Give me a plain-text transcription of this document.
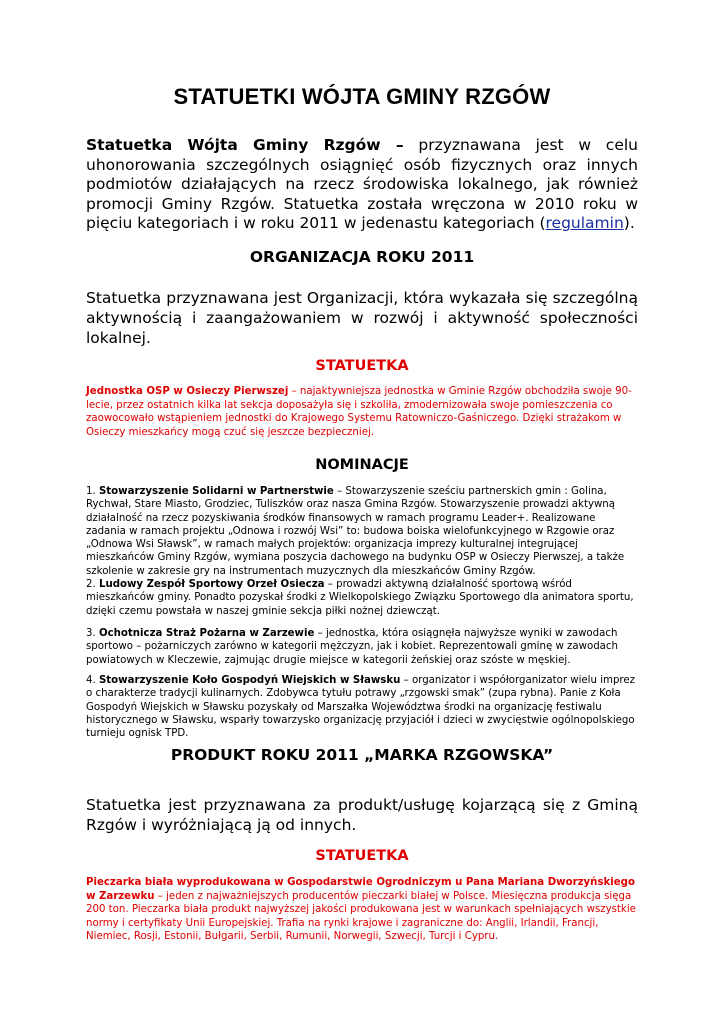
STATUETKI WÓJTA GMINY RZGÓW
Statuetka Wójta Gminy Rzgów – przyznawana jest w celu uhonorowania szczególnych osiągnięć osób fizycznych oraz innych podmiotów działających na rzecz środowiska lokalnego, jak również promocji Gminy Rzgów. Statuetka została wręczona w 2010 roku w pięciu kategoriach i w roku 2011 w jedenastu kategoriach (regulamin).
ORGANIZACJA ROKU 2011
Statuetka przyznawana jest Organizacji, która wykazała się szczególną aktywnością i zaangażowaniem w rozwój i aktywność społeczności lokalnej.
STATUETKA
Jednostka OSP w Osieczy Pierwszej – najaktywniejsza jednostka w Gminie Rzgów obchodziła swoje 90-lecie, przez ostatnich kilka lat sekcja doposażyła się i szkoliła, zmodernizowała swoje pomieszczenia co zaowocowało wstąpieniem jednostki do Krajowego Systemu Ratowniczo-Gaśniczego. Dzięki strażakom w Osieczy mieszkańcy mogą czuć się jeszcze bezpieczniej.
NOMINACJE
1. Stowarzyszenie Solidarni w Partnerstwie – Stowarzyszenie sześciu partnerskich gmin : Golina, Rychwał, Stare Miasto, Grodziec, Tuliszków oraz nasza Gmina Rzgów. Stowarzyszenie prowadzi aktywną działalność na rzecz pozyskiwania środków finansowych w ramach programu Leader+. Realizowane zadania w ramach projektu „Odnowa i rozwój Wsi” to: budowa boiska wielofunkcyjnego w Rzgowie oraz „Odnowa Wsi Sławsk”, w ramach małych projektów: organizacja imprezy kulturalnej integrującej mieszkańców Gminy Rzgów, wymiana poszycia dachowego na budynku OSP w Osieczy Pierwszej, a także szkolenie w zakresie gry na instrumentach muzycznych dla mieszkańców Gminy Rzgów.
2. Ludowy Zespół Sportowy Orzeł Osiecza – prowadzi aktywną działalność sportową wśród mieszkańców gminy. Ponadto pozyskał środki z Wielkopolskiego Związku Sportowego dla animatora sportu, dzięki czemu powstała w naszej gminie sekcja piłki nożnej dziewcząt.
3. Ochotnicza Straż Pożarna w Zarzewie – jednostka, która osiągnęła najwyższe wyniki w zawodach sportowo – pożarniczych zarówno w kategorii mężczyzn, jak i kobiet. Reprezentowali gminę w zawodach powiatowych w Kleczewie, zajmując drugie miejsce w kategorii żeńskiej oraz szóste w męskiej.
4. Stowarzyszenie Koło Gospodyń Wiejskich w Sławsku – organizator i współorganizator wielu imprez o charakterze tradycji kulinarnych. Zdobywca tytułu potrawy „rzgowski smak” (zupa rybna). Panie z Koła Gospodyń Wiejskich w Sławsku pozyskały od Marszałka Województwa środki na organizację festiwalu historycznego w Sławsku, wsparły towarzysko organizację przyjaciół i dzieci w zwycięstwie ogólnopolskiego turnieju ognisk TPD.
PRODUKT ROKU 2011 „MARKA RZGOWSKA”
Statuetka jest przyznawana za produkt/usługę kojarzącą się z Gminą Rzgów i wyróżniającą ją od innych.
STATUETKA
Pieczarka biała wyprodukowana w Gospodarstwie Ogrodniczym u Pana Mariana Dworzyńskiego w Zarzewku – jeden z najważniejszych producentów pieczarki białej w Polsce. Miesięczna produkcja sięga 200 ton. Pieczarka biała produkt najwyższej jakości produkowana jest w warunkach spełniających wszystkie normy i certyfikaty Unii Europejskiej. Trafia na rynki krajowe i zagraniczne do: Anglii, Irlandii, Francji, Niemiec, Rosji, Estonii, Bułgarii, Serbii, Rumunii, Norwegii, Szwecji, Turcji i Cypru.
